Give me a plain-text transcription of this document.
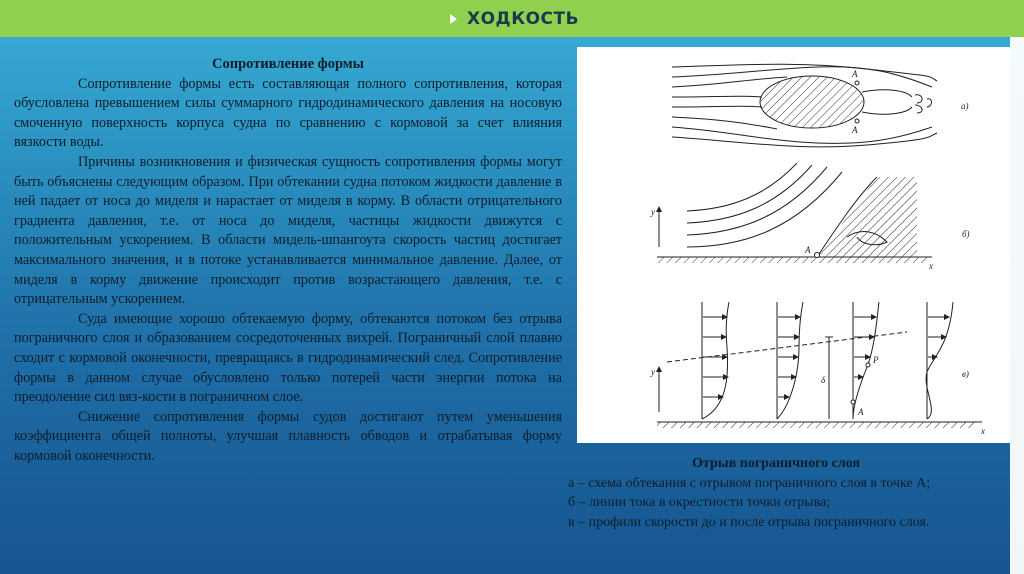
ХОДКОСТЬ
Сопротивление формы

Сопротивление формы есть составляющая полного сопротивления, которая обусловлена превышением силы суммарного гидродинамического давления на носовую смоченную поверхность корпуса судна по сравнению с кормовой за счет влияния вязкости воды.

Причины возникновения и физическая сущность сопротивления формы могут быть объяснены следующим образом. При обтекании судна потоком жидкости давление в ней падает от носа до миделя и нарастает от миделя в корму. В области отрицательного градиента давления, т.е. от носа до миделя, частицы жидкости движутся с положительным ускорением. В области мидель-шпангоута скорость частиц достигает максимального значения, и в потоке устанавливается минимальное давление. Далее, от миделя в корму движение происходит против возрастающего давления, т.е. с отрицательным ускорением.

Суда имеющие хорошо обтекаемую форму, обтекаются потоком без отрыва пограничного слоя и образованием сосредоточенных вихрей. Пограничный слой плавно сходит с кормовой оконечности, превращаясь в гидродинамический след. Сопротивление формы в данном случае обусловлено только потерей части энергии потока на преодоление сил вяз-кости в пограничном слое.

Снижение сопротивления формы судов достигают путем уменьшения коэффициента общей полноты, улучшая плавность обводов и отрабатывая форму кормовой оконечности.

A
A
а)
y
A
б)
x
y
δ
P
A
в)
x
Отрыв пограничного слоя
а – схема обтекания с отрывом пограничного слоя в точке А;
б – линии тока в окрестности точки отрыва;
в – профили скорости до и после отрыва пограничного слоя.
